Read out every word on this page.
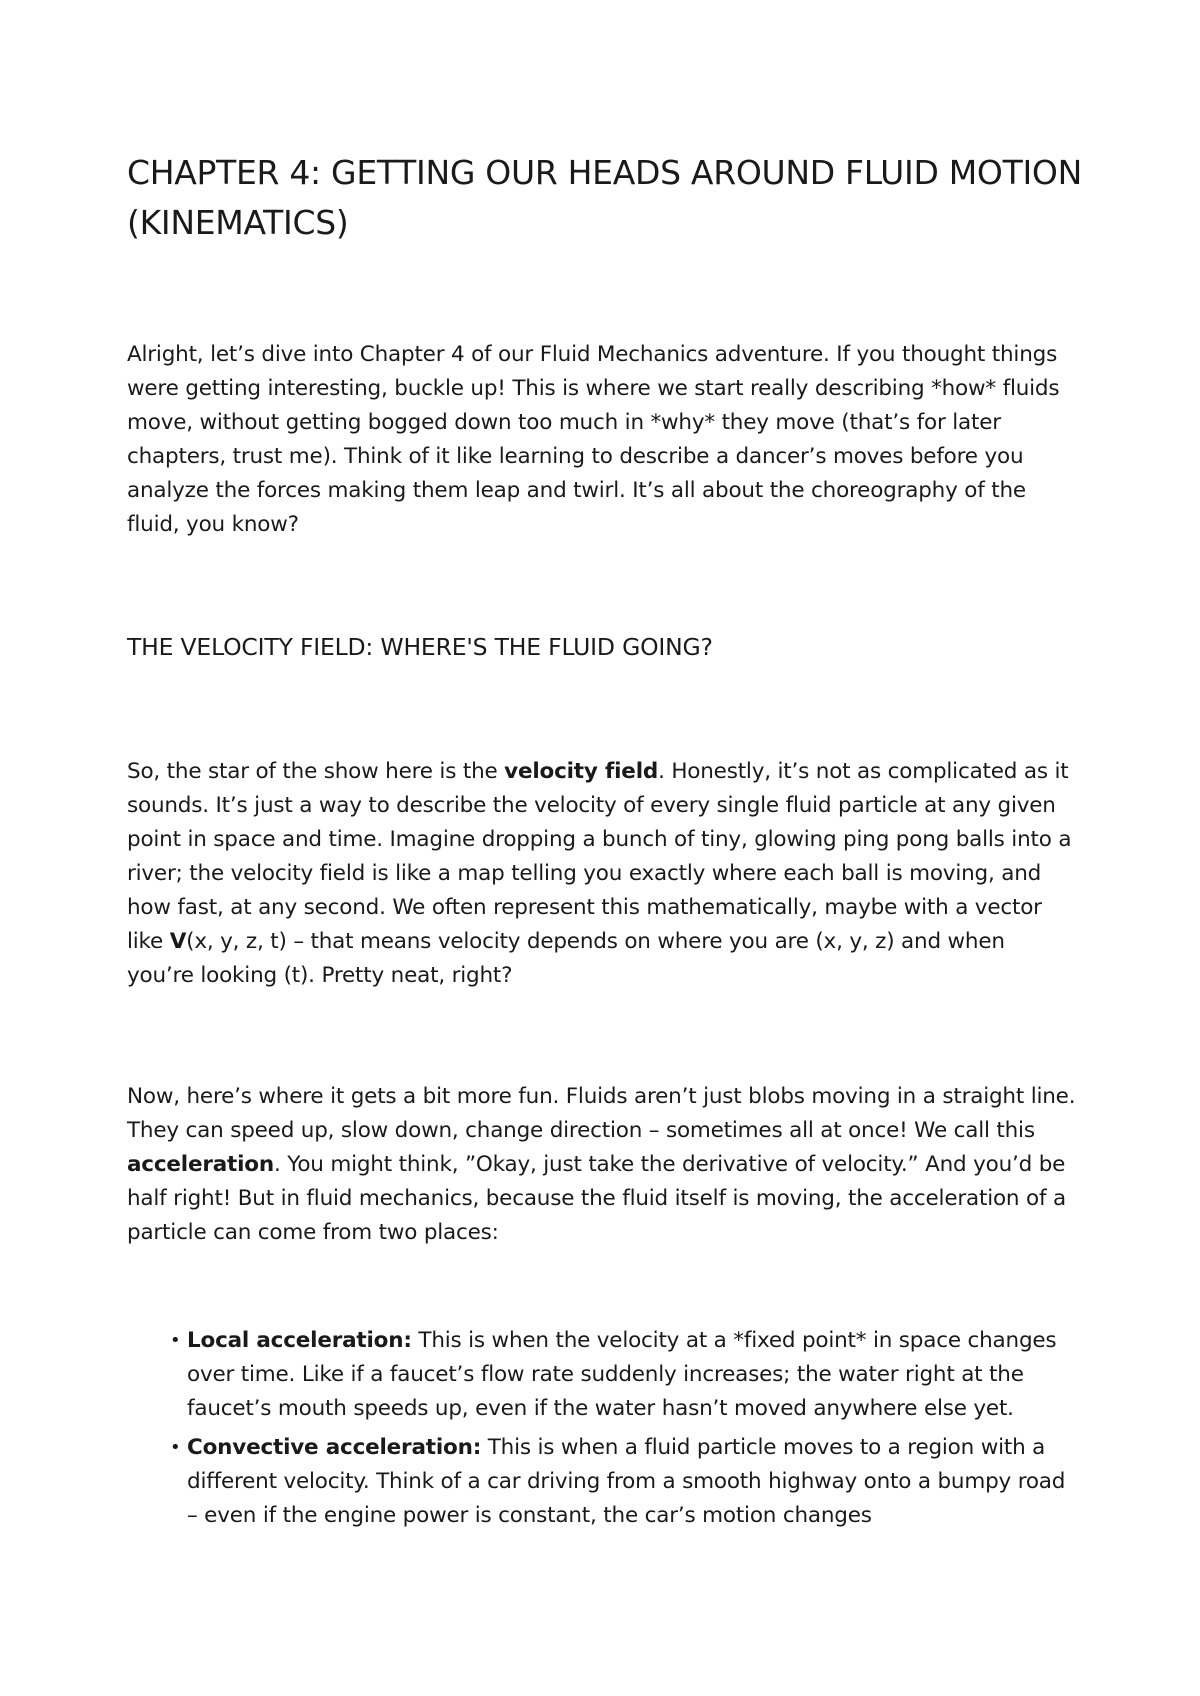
CHAPTER 4: GETTING OUR HEADS AROUND FLUID MOTION (KINEMATICS)

Alright, let’s dive into Chapter 4 of our Fluid Mechanics adventure. If you thought things were getting interesting, buckle up! This is where we start really describing *how* fluids move, without getting bogged down too much in *why* they move (that’s for later chapters, trust me). Think of it like learning to describe a dancer’s moves before you analyze the forces making them leap and twirl. It’s all about the choreography of the fluid, you know?

THE VELOCITY FIELD: WHERE'S THE FLUID GOING?

So, the star of the show here is the velocity field. Honestly, it’s not as complicated as it sounds. It’s just a way to describe the velocity of every single fluid particle at any given point in space and time. Imagine dropping a bunch of tiny, glowing ping pong balls into a river; the velocity field is like a map telling you exactly where each ball is moving, and how fast, at any second. We often represent this mathematically, maybe with a vector like V(x, y, z, t) – that means velocity depends on where you are (x, y, z) and when you’re looking (t). Pretty neat, right?

Now, here’s where it gets a bit more fun. Fluids aren’t just blobs moving in a straight line. They can speed up, slow down, change direction – sometimes all at once! We call this acceleration. You might think, ”Okay, just take the derivative of velocity.” And you’d be half right! But in fluid mechanics, because the fluid itself is moving, the acceleration of a particle can come from two places:

• Local acceleration: This is when the velocity at a *fixed point* in space changes over time. Like if a faucet’s flow rate suddenly increases; the water right at the faucet’s mouth speeds up, even if the water hasn’t moved anywhere else yet.
• Convective acceleration: This is when a fluid particle moves to a region with a different velocity. Think of a car driving from a smooth highway onto a bumpy road – even if the engine power is constant, the car’s motion changes
